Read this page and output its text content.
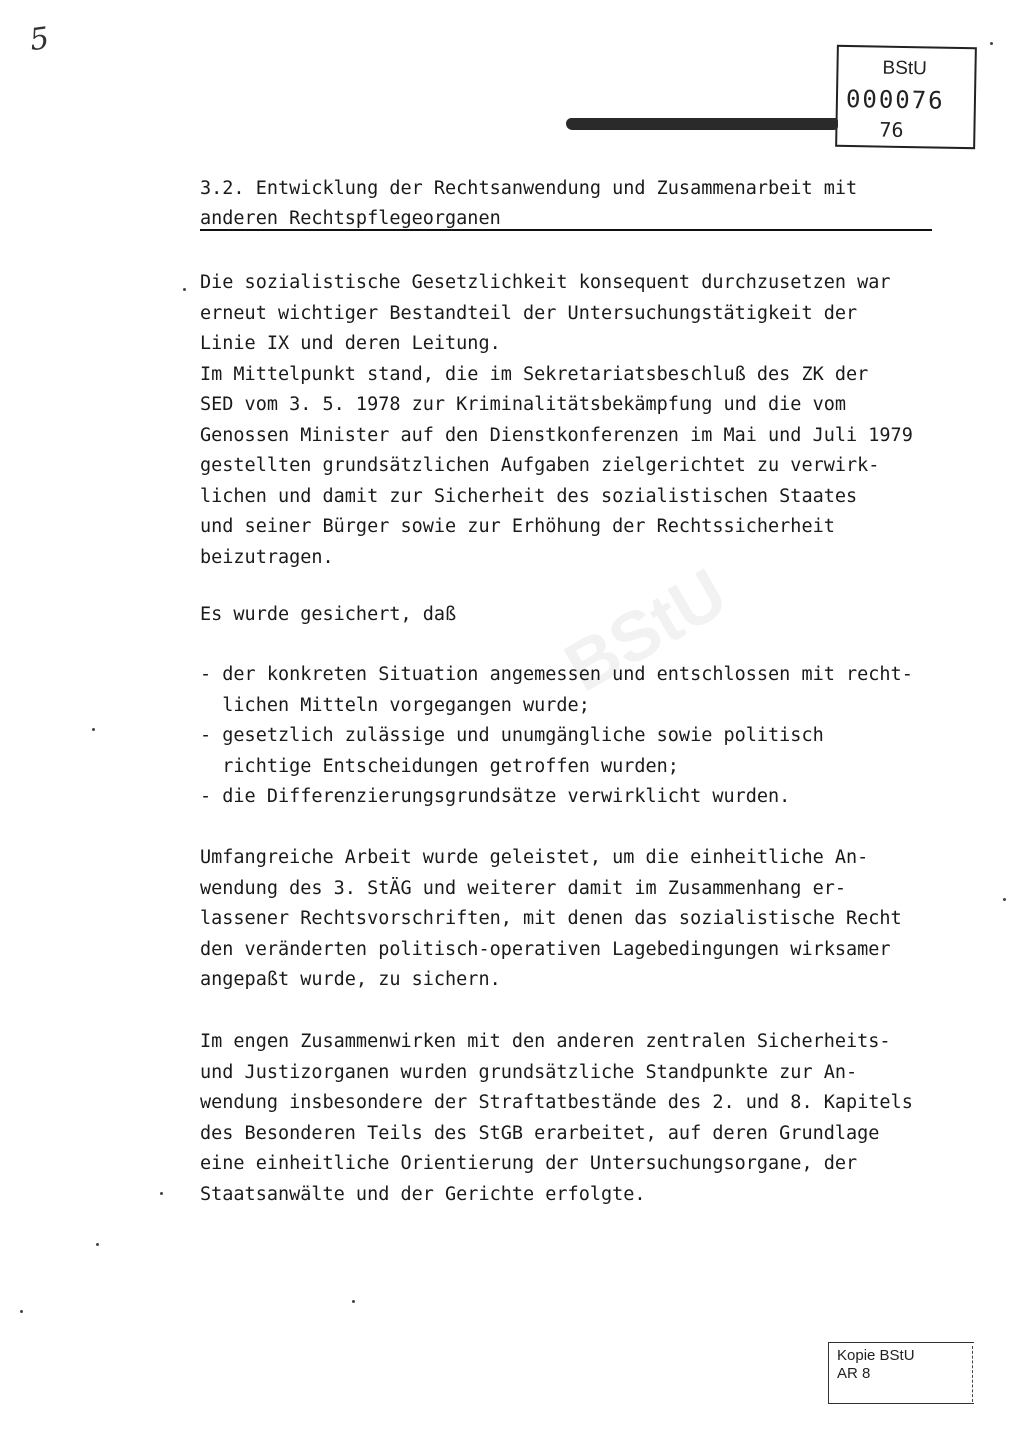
5
BStU
000076
76
BStU
3.2. Entwicklung der Rechtsanwendung und Zusammenarbeit mit
anderen Rechtspflegeorganen

Die sozialistische Gesetzlichkeit konsequent durchzusetzen war
erneut wichtiger Bestandteil der Untersuchungstätigkeit der
Linie IX und deren Leitung.
Im Mittelpunkt stand, die im Sekretariatsbeschluß des ZK der
SED vom 3. 5. 1978 zur Kriminalitätsbekämpfung und die vom
Genossen Minister auf den Dienstkonferenzen im Mai und Juli 1979
gestellten grundsätzlichen Aufgaben zielgerichtet zu verwirk-
lichen und damit zur Sicherheit des sozialistischen Staates
und seiner Bürger sowie zur Erhöhung der Rechtssicherheit
beizutragen.

Es wurde gesichert, daß

- der konkreten Situation angemessen und entschlossen mit recht-
lichen Mitteln vorgegangen wurde;
- gesetzlich zulässige und unumgängliche sowie politisch
richtige Entscheidungen getroffen wurden;
- die Differenzierungsgrundsätze verwirklicht wurden.

Umfangreiche Arbeit wurde geleistet, um die einheitliche An-
wendung des 3. StÄG und weiterer damit im Zusammenhang er-
lassener Rechtsvorschriften, mit denen das sozialistische Recht
den veränderten politisch-operativen Lagebedingungen wirksamer
angepaßt wurde, zu sichern.

Im engen Zusammenwirken mit den anderen zentralen Sicherheits-
und Justizorganen wurden grundsätzliche Standpunkte zur An-
wendung insbesondere der Straftatbestände des 2. und 8. Kapitels
des Besonderen Teils des StGB erarbeitet, auf deren Grundlage
eine einheitliche Orientierung der Untersuchungsorgane, der
Staatsanwälte und der Gerichte erfolgte.

Kopie BStU
AR 8
